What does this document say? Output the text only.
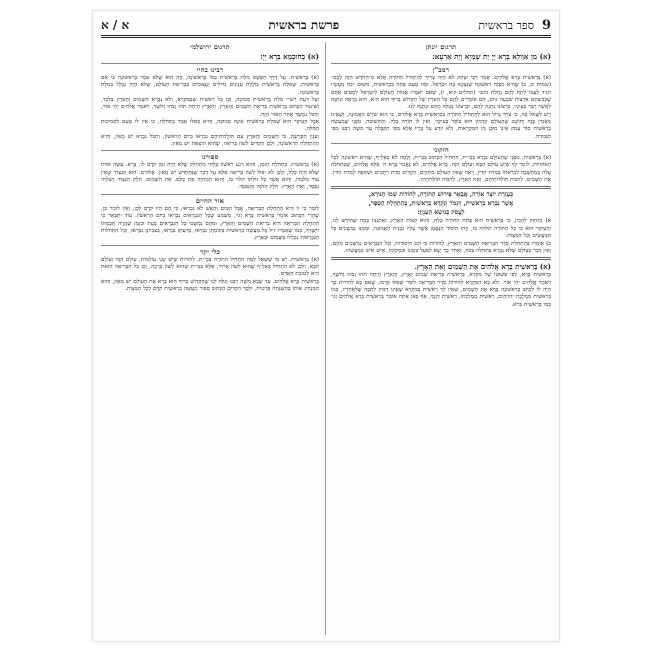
9
ספר בראשית
פרשת בראשית
א / א
תרגום יונתן
(א) מִן אַוְולָא בְּרָא יְיָ יַת שְׁמַיָא וְיַת אַרְעָא:
רמב"ן

(א) בְּרֵאשִׁית בָּרָא אֱלֹהִים. אָמַר רַבִּי יִצְחָק לֹא הָיָה צָרִיךְ לְהַתְחִיל הַתּוֹרָה אֶלָּא מֵ״הַחֹדֶשׁ הַזֶּה לָכֶם״ (שמות יב, ב) שֶׁהִיא מִצְוָה רִאשׁוֹנָה שֶׁנִּצְטַוּוּ בָּהּ יִשְׂרָאֵל. וּמָה טַעַם פָּתַח בִּבְרֵאשִׁית, מִשּׁוּם ״כֹּחַ מַעֲשָׂיו הִגִּיד לְעַמּוֹ לָתֵת לָהֶם נַחֲלַת גּוֹיִם״ (תהלים קיא, ו), שֶׁאִם יֹאמְרוּ אֻמּוֹת הָעוֹלָם לְיִשְׂרָאֵל לִסְטִים אַתֶּם שֶׁכְּבַשְׁתֶּם אַרְצוֹת שִׁבְעָה גּוֹיִם, הֵם אוֹמְרִים לָהֶם כָּל הָאָרֶץ שֶׁל הַקָּדוֹשׁ בָּרוּךְ הוּא הִיא, הוּא בְרָאָהּ וּנְתָנָהּ לַאֲשֶׁר יָשַׁר בְּעֵינָיו, בִּרְצוֹנוֹ נְתָנָהּ לָהֶם, וּבִרְצוֹנוֹ נְטָלָהּ מֵהֶם וּנְתָנָהּ לָנוּ.

וְיֵשׁ לִשְׁאֹל בָּהּ, כִּי צֹרֶךְ גָּדוֹל הוּא לְהַתְחִיל הַתּוֹרָה בִּבְרֵאשִׁית בָּרָא אֱלֹהִים, כִּי הוּא שֹׁרֶשׁ הָאֱמוּנָה, וְשֶׁאֵינוֹ מַאֲמִין בָּזֶה וְחוֹשֵׁב שֶׁהָעוֹלָם קַדְמוֹן הוּא כּוֹפֵר בָּעִיקָּר, וְאֵין לוֹ תּוֹרָה כְּלָל. וְהַתְּשׁוּבָה, מִפְּנֵי שֶׁמַּעֲשֵׂה בְרֵאשִׁית סוֹד עָמֹק אֵינוֹ מוּבָן מִן הַמִּקְרָאוֹת, וְלֹא יִוָּדַע עַל בֻּרְיוֹ אֶלָּא מִפִּי הַקַּבָּלָה עַד משֶׁה רַבֵּנוּ מִפִּי הַגְּבוּרָה.

חזקוני

(א) בְּרֵאשִׁית. מִפְּנֵי שֶׁהָעוֹלָם נִבְרָא בְּבֵי״ת, הִתְחִיל הַכָּתוּב בְּבֵי״ת, וְלָמָה לֹא בְאָלֶ״ף, שֶׁהִיא רִאשׁוֹנָה לְכָל הָאוֹתִיּוֹת, לוֹמַר לְךָ שֶׁיֵּשׁ עוֹלָם הַבָּא וְעוֹלָם הַזֶּה. בָּרָא אֱלֹהִים, לֹא נֶאֱמַר בָּרָא ה׳ אֶלָּא אֱלֹהִים, שֶׁבַּתְּחִלָּה עָלָה בְּמַחֲשָׁבָה לִבְרֹאתוֹ בְּמִדַּת הַדִּין, רָאָה שֶׁאֵין הָעוֹלָם מִתְקַיֵּם, הִקְדִּים מִדַּת רַחֲמִים וְשִׁתְּפָהּ לְמִדַּת הַדִּין. אֵת הַשָּׁמַיִם, לְרַבּוֹת תּוֹלְדוֹתֵיהֶם, וְאֵת הָאָרֶץ, לְרַבּוֹת תּוֹלְדוֹתֶיהָ.

בְּעֶזְרַת יוֹצֵר אוֹרָה, אֲבָאֵר פֵּירוּשׁ הַתּוֹרָה, לְהוֹדוֹת שְׁמוֹ הַנּוֹרָא,
אֲשֶׁר נִבְרָא בְרֵאשִׁית, וְיִגְמֹר וְנִקְרָא בְרֵאשִׁית, בְּהַתְחָלַת הַסֵּפֶר,
לַעֲסֹק בְּנוֹשֵׂא הָעִנְיָן:

א) נִתְחַזֵּק לְהָבִין, כִּי בְּרֵאשִׁית הוּא פֶּתַח הַתּוֹרָה כֻּלָּהּ, וְהוּא קְצוֹת הָאָרֶץ, וְאָתַנְנוֹן בְּמָה שֶׁהוּרָשׁ לָנוּ, וְהָעִיקָּר הוּא כִּי כָל הַתּוֹרָה תְּלוּיָה בּוֹ, וְזֶהוּ הַיְּסוֹד הַנֶּאֱמָן אֲשֶׁר עָלָיו נִבְנֵית הָאֱמוּנָה, וּמִמֶּנּוּ נִמְשָׁכִים כָּל הַמַּעֲשִׂים וְכָל הַמִּצְוֹת.

ב) אוֹמְרוּ בְּהַתְחָלַת סֵדֶר הַבְּרִיאָה הַשָּׁמַיִם וְהָאָרֶץ, לְהוֹרוֹת כִּי הֵם הַיְּסוֹדוֹת, וְכָל הַנִּבְרָאִים נִמְשָׁכִים מֵהֶם, וְאֵין דָּבָר בָּעוֹלָם שֶׁלֹּא נִבְרָא בַּתְּחִלָּה בְּכֹחַ, וְאַחַר כָּךְ יָצָא לַפֹּעַל בִּזְמַנּוֹ וּבִמְקוֹמוֹ, אִישׁ אִישׁ כְּמַעֲשֵׂהוּ.

(א) בְּרֵאשִׁית בָּרָא אֱלֹהִים אֵת הַשָּׁמַיִם וְאֵת הָאָרֶץ.

בְּרֵאשִׁית בָּרָא, לְפִי פְּשׁוּטוֹ שֶׁל מִקְרָא, בְּרֵאשִׁית בְּרִיאַת שָׁמַיִם וָאָרֶץ, וְהָאָרֶץ הָיְתָה תֹהוּ וָבֹהוּ וְחֹשֶׁךְ, וַיֹּאמֶר אֱלֹהִים יְהִי אוֹר. וְלֹא בָא הַמִּקְרָא לְהוֹרוֹת סֵדֶר הַבְּרִיאָה לוֹמַר שֶׁאֵלּוּ קָדְמוּ, שֶׁאִם בָּא לְהוֹרוֹת כָּךְ הָיָה לוֹ לִכְתֹּב בָּרִאשׁוֹנָה בָּרָא אֶת הַשָּׁמַיִם, שֶׁאֵין לְךָ רֵאשִׁית בַּמִּקְרָא שֶׁאֵינוֹ דָבוּק לַתֵּבָה שֶׁלְּאַחֲרָיו, כְּמוֹ בְּרֵאשִׁית מַמְלֶכֶת יְהוֹיָקִים, רֵאשִׁית מַמְלַכְתּוֹ, רֵאשִׁית דְּגָנְךָ, אַף כָּאן אַתָּה אוֹמֵר בְּרֵאשִׁית בָּרָא אֱלֹהִים וְגוֹ׳ כְּמוֹ בְּרֵאשִׁית בְּרֹא.

תרגום ירושלמי
(א) בְּחוּכְמָא בְּרָא יְיָ:
רבינו בחיי

(א) בְּרֵאשִׁית. עַל דֶּרֶךְ הַפְּשָׁט מִלַּת בְּרֵאשִׁית כְּמוֹ בָּרִאשׁוֹנָה, וְזֶה הוּא שֶׁלֹּא אָמַר בָּרִאשׁוֹנָה כִּי אִם בְּרֵאשִׁית, שֶׁמִּלַּת בְּרֵאשִׁית כּוֹלֶלֶת עִנְיָנִים גְּדוֹלִים וַעֲצוּמִים בִּבְרִיאַת הָעוֹלָם, שֶׁלֹּא הָיָה נִכְלָל בְּמִלַּת בָּרִאשׁוֹנָה.

וְעַל דַּעַת רַשִׁ״י מִלַּת בְּרֵאשִׁית סְמוּכָה, וְכֵן כָּל רֵאשִׁית שֶׁבַּמִּקְרָא, וְלֹא נִבְרָא הַשָּׁמַיִם וְהָאָרֶץ בִּלְבַד, וְשִׁיעוּר הַכָּתוּב בְּרֵאשִׁית בְּרִיאַת הַשָּׁמַיִם וְהָאָרֶץ, וְהָאָרֶץ הָיְתָה תֹהוּ וָבֹהוּ וְחֹשֶׁךְ, וַיֹּאמֶר אֱלֹהִים יְהִי אוֹר, וְהַכֹּל נִמְשָׁךְ אַחַר הָאוֹר הַזֶּה.

אֲבָל הָעִיקָּר הוּא שֶׁמִּלַּת בְּרֵאשִׁית אֵינָהּ סְמוּכָה, וְהִיא כְּאִלּוּ אָמַר בַּתְּחִלָּה, כִּי אֵין לוֹ טַעַם לִסְמִיכוּת הַמִּלָּה.

וְעִנְיַן הַפָּרָשָׁה, כִּי הַשָּׁמַיִם וְהָאָרֶץ עִם תּוֹלְדוֹתֵיהֶם נִבְרְאוּ בַּיּוֹם הָרִאשׁוֹן, וְהַכֹּל נִבְרָא יֵשׁ מֵאַיִן, וְהִיא הַהַתְחָלָה הָרִאשׁוֹנָה, וְלָכֵן הִקְדִּים לְשׁוֹן בְּרִיאָה, שֶׁהוּא הוֹצָאַת יֵשׁ מֵאַיִן.

ספורנו

(א) בְּרֵאשִׁית. בִּתְחִלַּת הַזְּמַן, וְהוּא רֶגַע רִאשׁוֹן בִּלְתִּי מִתְחַלֵּק שֶׁלֹּא הָיָה זְמַן קֹדֶם לוֹ. בָּרָא. עָשָׂה אוֹתוֹ שֶׁלֹּא הָיָה כְּלָל, וְלָכֵן לֹא יִפּוֹל לְשׁוֹן בְּרִיאָה אֶלָּא עַל דָּבָר שֶׁנִּתְחַדֵּשׁ יֵשׁ מֵאַיִן. אֱלֹהִים. הוּא הַנִּצְחִי שֶׁאֵין עוֹד מִלְּבַדּוֹ, וְהוּא אֲשֶׁר כָּל זוּלָתוֹ תָּלוּי בּוֹ, וְהוּא הַמְחַיֶּה אֶת כֻּלָּם. אֵת הַשָּׁמַיִם. חֵלֶק הַנִּצְחִי הַבִּלְתִּי נִפְסָד, וְאֵת הָאָרֶץ. חֵלֶק הַהֹוֶה וְהַנִּפְסָד.

אור החיים

לוֹמַר כִּי זוֹ הִיא הַתְחָלַת הַבְּרִיאָה, אֲבָל הַמַּיִם וְהָאֵשׁ לֹא נִבְרְאוּ, כִּי הֵם הָיוּ קֹדֶם לָכֵן, וְאֵין לוֹמַר כֵּן, שֶׁהֲרֵי הַכָּתוּב אוֹמֵר בְּרֵאשִׁית בָּרָא וְגוֹ׳, מִשְׁמַע שֶׁכָּל הַנִּבְרָאִים נִבְרְאוּ בַּיּוֹם הָרִאשׁוֹן. עוֹד יִתְבָּאֵר כִּי הַתְחָלַת הַבְּרִיאָה הִיא בְּרִיאַת הַשָּׁמַיִם וְהָאָרֶץ, וּמֵהֶם נִמְשְׁכוּ כָּל הַנִּבְרָאִים בְּעֵת וּבִזְמַן שֶׁגָּזְרָה חָכְמָתוֹ יִתְבָּרַךְ, כְּמוֹ שֶׁאָמְרוּ ז״ל כָּל מַעֲשֵׂה בְרֵאשִׁית בְּקוֹמָתָן נִבְרְאוּ, בְּדַעְתָּן נִבְרְאוּ, בְּצִבְיוֹנָן נִבְרְאוּ, וְכָל הַתְּחִלּוֹת הַנִּבְרָאוֹת נִכְלְלוּ בַּשָּׁמַיִם וּבָאָרֶץ.

כלי יקר

(א) בְּרֵאשִׁית. יֵשׁ מִי שֶׁשָּׁאַל לָמָּה הִתְחִיל הַתּוֹרָה בְּבֵי״ת, לְהוֹרוֹת שֶׁיֵּשׁ שְׁנֵי עוֹלָמוֹת, עוֹלָם הַזֶּה וְעוֹלָם הַבָּא, וְלָכֵן לֹא הִתְחִיל בְּאָלֶ״ף שֶׁהוּא לְשׁוֹן אָרוּר, אֶלָּא בְּבֵי״ת שֶׁהוּא לְשׁוֹן בְּרָכָה, וְכֵן כָּל הַבְּרִיאָה הַזֹּאת הִיא לְטוֹבַת הָאָדָם.

בְּרֵאשִׁית בָּרָא אֱלֹהִים. עַד שֶׁבָּא מֹשֶׁה רַבֵּנוּ וְגִלָּה לָנוּ שֶׁהַקָּדוֹשׁ בָּרוּךְ הוּא בָּרָא אֶת הָעוֹלָם יֵשׁ מֵאַיִן, וְהוּא הַמַּנְהִיג אוֹתוֹ בְּהַשְׁגָּחָה פְּרָטִית, וּלְכָךְ הִקְדִּים הַכָּתוּב סִפּוּר מַעֲשֵׂה בְרֵאשִׁית קֹדֶם לְכָל הַמִּצְוֹת.
